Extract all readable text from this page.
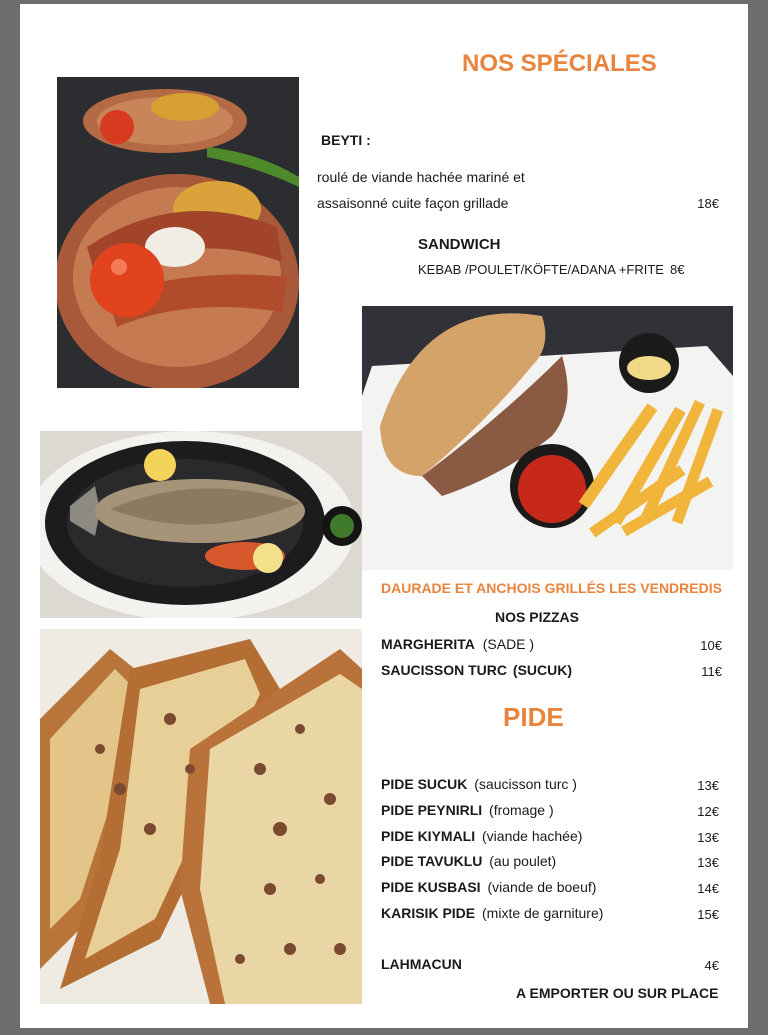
NOS SPÉCIALES
BEYTI :
roulé de viande hachée mariné et
assaisonné cuite façon grillade	18€
SANDWICH
KEBAB /POULET/KÖFTE/ADANA +FRITE 8€
DAURADE ET ANCHOIS GRILLÉS LES VENDREDIS
NOS PIZZAS
MARGHERITA (SADE )	10€
SAUCISSON TURC (SUCUK)	11€
PIDE
PIDE SUCUK (saucisson turc )	13€
PIDE PEYNIRLI (fromage )	12€
PIDE KIYMALI (viande hachée)	13€
PIDE TAVUKLU (au poulet)	13€
PIDE KUSBASI (viande de boeuf)	14€
KARISIK PIDE (mixte de garniture)	15€
LAHMACUN	4€
A EMPORTER OU SUR PLACE
